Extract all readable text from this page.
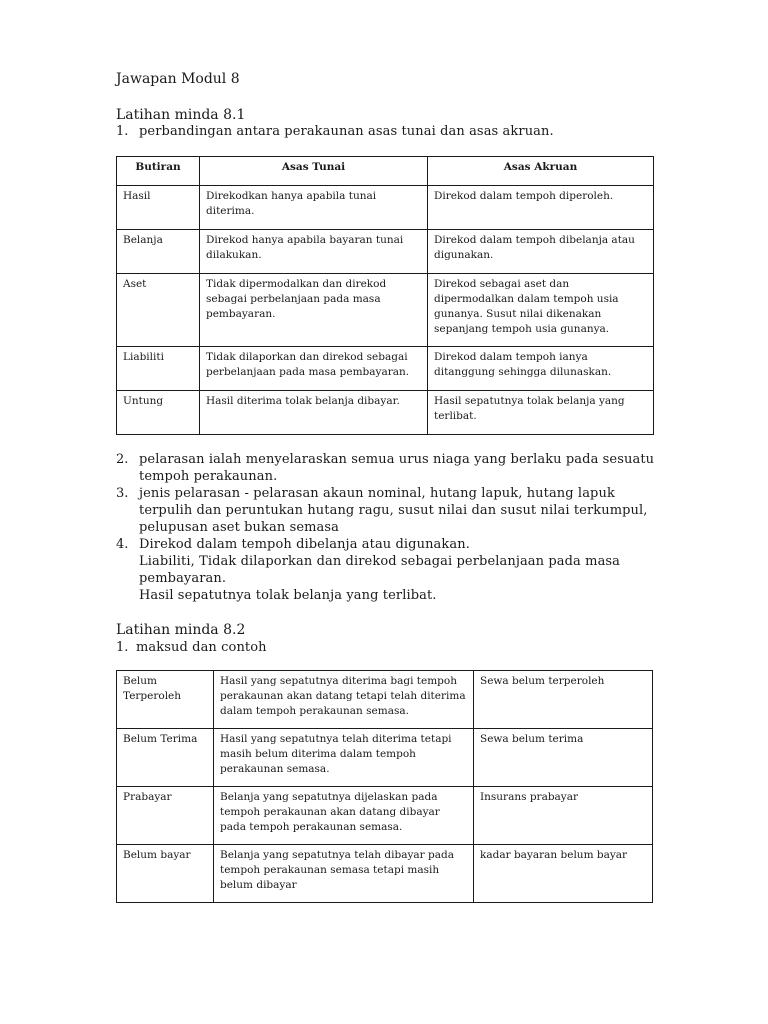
Jawapan Modul 8
Latihan minda 8.1
1. perbandingan antara perakaunan asas tunai dan asas akruan.
Butiran	Asas Tunai	Asas Akruan
Hasil	Direkodkan hanya apabila tunai diterima.	Direkod dalam tempoh diperoleh.
Belanja	Direkod hanya apabila bayaran tunai dilakukan.	Direkod dalam tempoh dibelanja atau digunakan.
Aset	Tidak dipermodalkan dan direkod sebagai perbelanjaan pada masa pembayaran.	Direkod sebagai aset dan dipermodalkan dalam tempoh usia gunanya. Susut nilai dikenakan sepanjang tempoh usia gunanya.
Liabiliti	Tidak dilaporkan dan direkod sebagai perbelanjaan pada masa pembayaran.	Direkod dalam tempoh ianya ditanggung sehingga dilunaskan.
Untung	Hasil diterima tolak belanja dibayar.	Hasil sepatutnya tolak belanja yang terlibat.
2. pelarasan ialah menyelaraskan semua urus niaga yang berlaku pada sesuatu
tempoh perakaunan.
3. jenis pelarasan - pelarasan akaun nominal, hutang lapuk, hutang lapuk
terpulih dan peruntukan hutang ragu, susut nilai dan susut nilai terkumpul,
pelupusan aset bukan semasa
4. Direkod dalam tempoh dibelanja atau digunakan.
Liabiliti, Tidak dilaporkan dan direkod sebagai perbelanjaan pada masa
pembayaran.
Hasil sepatutnya tolak belanja yang terlibat.
Latihan minda 8.2
1. maksud dan contoh
Belum Terperoleh	Hasil yang sepatutnya diterima bagi tempoh perakaunan akan datang tetapi telah diterima dalam tempoh perakaunan semasa.	Sewa belum terperoleh
Belum Terima	Hasil yang sepatutnya telah diterima tetapi masih belum diterima dalam tempoh perakaunan semasa.	Sewa belum terima
Prabayar	Belanja yang sepatutnya dijelaskan pada tempoh perakaunan akan datang dibayar pada tempoh perakaunan semasa.	Insurans prabayar
Belum bayar	Belanja yang sepatutnya telah dibayar pada tempoh perakaunan semasa tetapi masih belum dibayar	kadar bayaran belum bayar
